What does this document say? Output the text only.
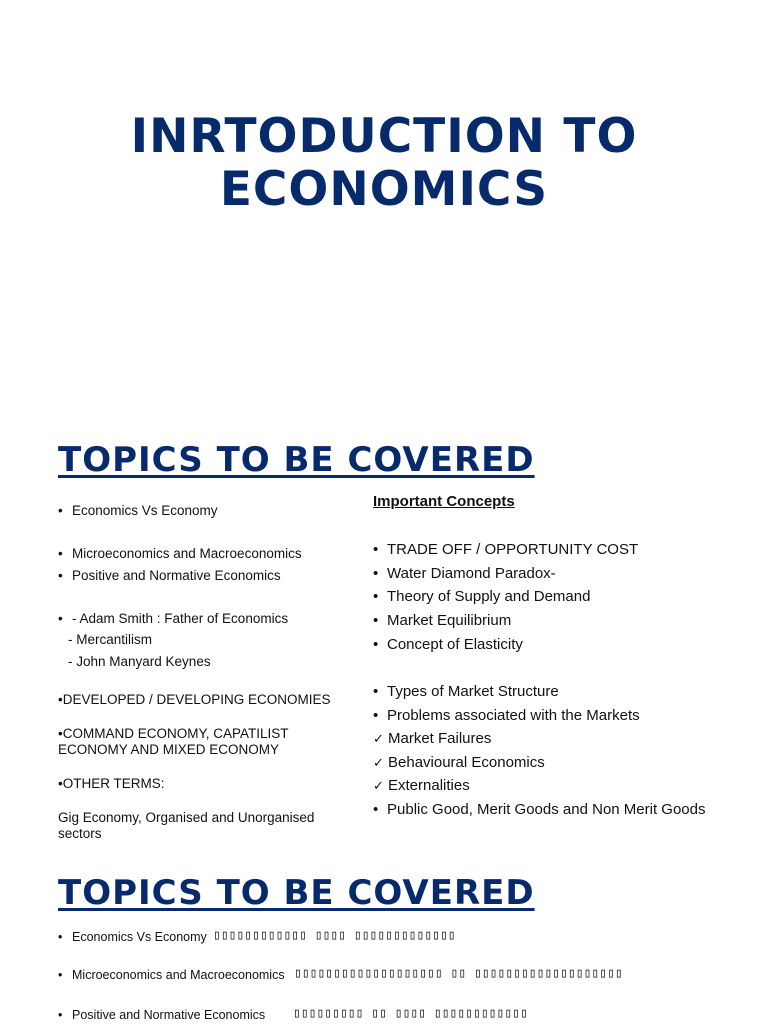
INRTODUCTION TO
ECONOMICS
TOPICS TO BE COVERED
• Economics Vs Economy
• Microeconomics and Macroeconomics
• Positive and Normative Economics
• - Adam Smith : Father of Economics
- Mercantilism
- John Manyard Keynes
•DEVELOPED / DEVELOPING ECONOMIES
•COMMAND ECONOMY, CAPATILIST ECONOMY AND MIXED ECONOMY
•OTHER TERMS:
Gig Economy, Organised and Unorganised sectors
Important Concepts
• TRADE OFF / OPPORTUNITY COST
• Water Diamond Paradox-
• Theory of Supply and Demand
• Market Equilibrium
• Concept of Elasticity
• Types of Market Structure
• Problems associated with the Markets
✓ Market Failures
✓ Behavioural Economics
✓ Externalities
• Public Good, Merit Goods and Non Merit Goods
TOPICS TO BE COVERED
• Economics Vs Economy ▯▯▯▯▯▯▯▯▯▯▯▯ ▯▯▯▯ ▯▯▯▯▯▯▯▯▯▯▯▯▯
• Microeconomics and Macroeconomics ▯▯▯▯▯▯▯▯▯▯▯▯▯▯▯▯▯▯▯ ▯▯ ▯▯▯▯▯▯▯▯▯▯▯▯▯▯▯▯▯▯▯
• Positive and Normative Economics ▯▯▯▯▯▯▯▯▯ ▯▯ ▯▯▯▯ ▯▯▯▯▯▯▯▯▯▯▯▯
